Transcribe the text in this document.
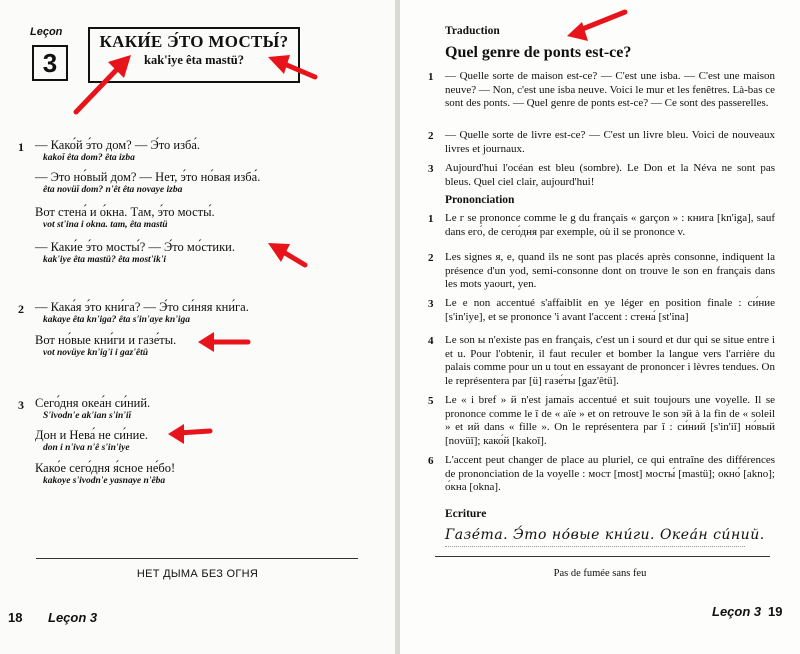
Leçon
3
КАКИ́Е Э́ТО МОСТЫ́?
kak'iye êta mastü?
1 — Како́й э́то дом? — Э́то изба́.
kakoĭ êta dom? êta izba
— Это но́вый дом? — Нет, э́то но́вая изба́.
êta novüĭ dom? n'êt êta novaye izba
Вот стена́ и о́кна. Там, э́то мосты́.
vot st'ina i okna. tam, êta mastü
— Каки́е э́то мосты́? — Э́то мо́стики.
kak'iye êta mastü? êta most'ik'i
2 — Кака́я э́то кни́га? — Э́то си́няя кни́га.
kakaye êta kn'iga? êta s'in'aye kn'iga
Вот но́вые кни́ги и газе́ты.
vot novüye kn'ig'i i gaz'êtü
3 Сего́дня океа́н си́ний.
S'ivodn'e ak'ian s'in'iĭ
Дон и Нева́ не си́ние.
don i n'iva n'ê s'in'iye
Како́е сего́дня я́сное не́бо!
kakoye s'ivodn'e yasnaye n'êba
НЕТ ДЫМА БЕЗ ОГНЯ
18 Leçon 3
Traduction
Quel genre de ponts est-ce?
1 — Quelle sorte de maison est-ce? — C'est une isba. — C'est une maison neuve? — Non, c'est une isba neuve. Voici le mur et les fenêtres. Là-bas ce sont des ponts. — Quel genre de ponts est-ce? — Ce sont des passerelles.
2 — Quelle sorte de livre est-ce? — C'est un livre bleu. Voici de nouveaux livres et journaux.
3 Aujourd'hui l'océan est bleu (sombre). Le Don et la Néva ne sont pas bleus. Quel ciel clair, aujourd'hui!
Prononciation
1 Le г se prononce comme le g du français « garçon » : книга [kn'iga], sauf dans его́, de сего́дня par exemple, où il se prononce v.
2 Les signes я, е, quand ils ne sont pas placés après consonne, indiquent la présence d'un yod, semi-consonne dont on trouve le son en français dans les mots yaourt, yen.
3 Le е non accentué s'affaiblit en ye léger en position finale : си́ние [s'in'iye], et se prononce 'i avant l'accent : стена́ [st'ina]
4 Le son ы n'existe pas en français, c'est un i sourd et dur qui se situe entre i et u. Pour l'obtenir, il faut reculer et bomber la langue vers l'arrière du palais comme pour un u tout en essayant de prononcer i lèvres tendues. On le représentera par [ü] газе́ты [gaz'êtü].
5 Le « i bref » й n'est jamais accentué et suit toujours une voyelle. Il se prononce comme le ĭ de « aïe » et on retrouve le son эй à la fin de « soleil » et ий dans « fille ». On le représentera par ĭ : си́ний [s'in'iĭ] но́вый [novüĭ]; како́й [kakoĭ].
6 L'accent peut changer de place au pluriel, ce qui entraîne des différences de prononciation de la voyelle : мост [most] мосты́ [mastü]; окно́ [akno]; о́кна [okna].
Ecriture
Газе́та. Э́то но́вые кни́ги. Океа́н си́ний.
Pas de fumée sans feu
Leçon 3 19
